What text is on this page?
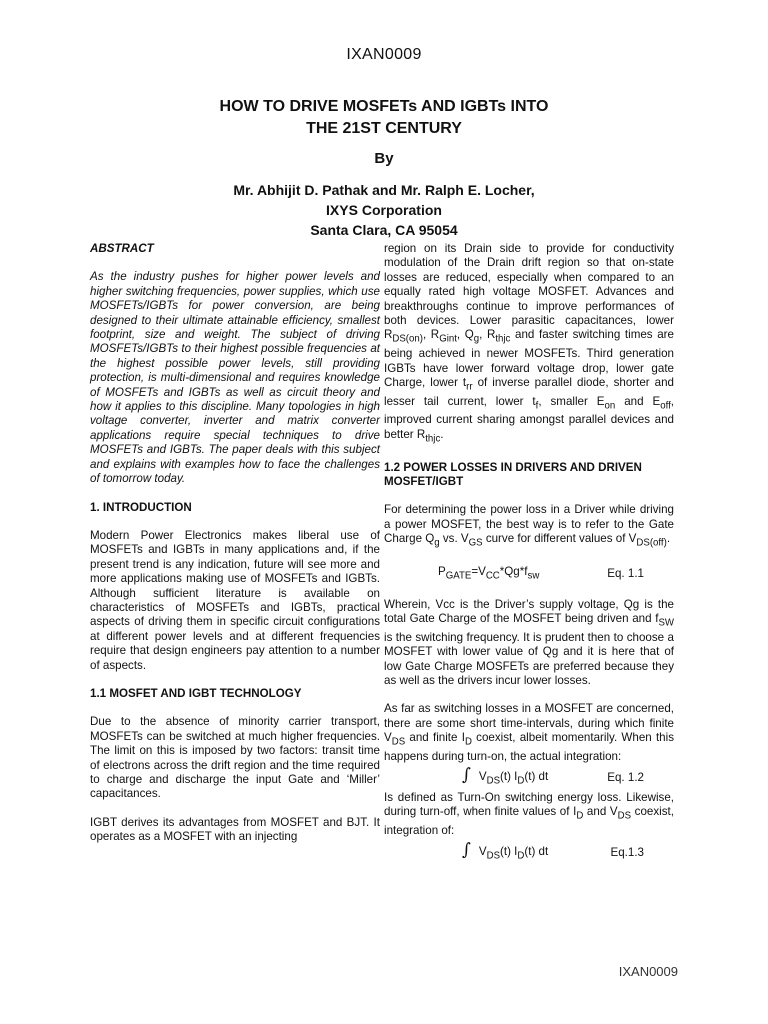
IXAN0009
HOW TO DRIVE MOSFETs AND IGBTs INTO
THE 21ST CENTURY
By
Mr. Abhijit D. Pathak and Mr. Ralph E. Locher,
IXYS Corporation
Santa Clara, CA 95054
ABSTRACT

As the industry pushes for higher power levels and higher switching frequencies, power supplies, which use MOSFETs/IGBTs for power conversion, are being designed to their ultimate attainable efficiency, smallest footprint, size and weight. The subject of driving MOSFETs/IGBTs to their highest possible frequencies at the highest possible power levels, still providing protection, is multi-dimensional and requires knowledge of MOSFETs and IGBTs as well as circuit theory and how it applies to this discipline. Many topologies in high voltage converter, inverter and matrix converter applications require special techniques to drive MOSFETs and IGBTs. The paper deals with this subject and explains with examples how to face the challenges of tomorrow today.

1. INTRODUCTION

Modern Power Electronics makes liberal use of MOSFETs and IGBTs in many applications and, if the present trend is any indication, future will see more and more applications making use of MOSFETs and IGBTs. Although sufficient literature is available on characteristics of MOSFETs and IGBTs, practical aspects of driving them in specific circuit configurations at different power levels and at different frequencies require that design engineers pay attention to a number of aspects.

1.1 MOSFET AND IGBT TECHNOLOGY

Due to the absence of minority carrier transport, MOSFETs can be switched at much higher frequencies. The limit on this is imposed by two factors: transit time of electrons across the drift region and the time required to charge and discharge the input Gate and ‘Miller’ capacitances.

IGBT derives its advantages from MOSFET and BJT. It operates as a MOSFET with an injecting

region on its Drain side to provide for conductivity modulation of the Drain drift region so that on-state losses are reduced, especially when compared to an equally rated high voltage MOSFET. Advances and breakthroughs continue to improve performances of both devices. Lower parasitic capacitances, lower $R_{DS(on)}$, $R_{Gint}$, $Q_g$, $R_{thjc}$ and faster switching times are being achieved in newer MOSFETs. Third generation IGBTs have lower forward voltage drop, lower gate Charge, lower $t_{rr}$ of inverse parallel diode, shorter and lesser tail current, lower $t_f$, smaller $E_{on}$ and $E_{off}$, improved current sharing amongst parallel devices and better $R_{thjc}$.

1.2 POWER LOSSES IN DRIVERS AND DRIVEN MOSFET/IGBT

For determining the power loss in a Driver while driving a power MOSFET, the best way is to refer to the Gate Charge $Q_g$ vs. $V_{GS}$ curve for different values of $V_{DS(off)}$.

$P_{GATE}=V_{CC}*Qg*f_{sw}$	Eq. 1.1

Wherein, Vcc is the Driver’s supply voltage, Qg is the total Gate Charge of the MOSFET being driven and $f_{SW}$ is the switching frequency. It is prudent then to choose a MOSFET with lower value of Qg and it is here that of low Gate Charge MOSFETs are preferred because they as well as the drivers incur lower losses.

As far as switching losses in a MOSFET are concerned, there are some short time-intervals, during which finite $V_{DS}$ and finite $I_D$ coexist, albeit momentarily. When this happens during turn-on, the actual integration:

∫ $V_{DS}(t)$ $I_D(t)$ dt	Eq. 1.2

Is defined as Turn-On switching energy loss. Likewise, during turn-off, when finite values of $I_D$ and $V_{DS}$ coexist, integration of:

∫ $V_{DS}(t)$ $I_D(t)$ dt	Eq.1.3
IXAN0009
